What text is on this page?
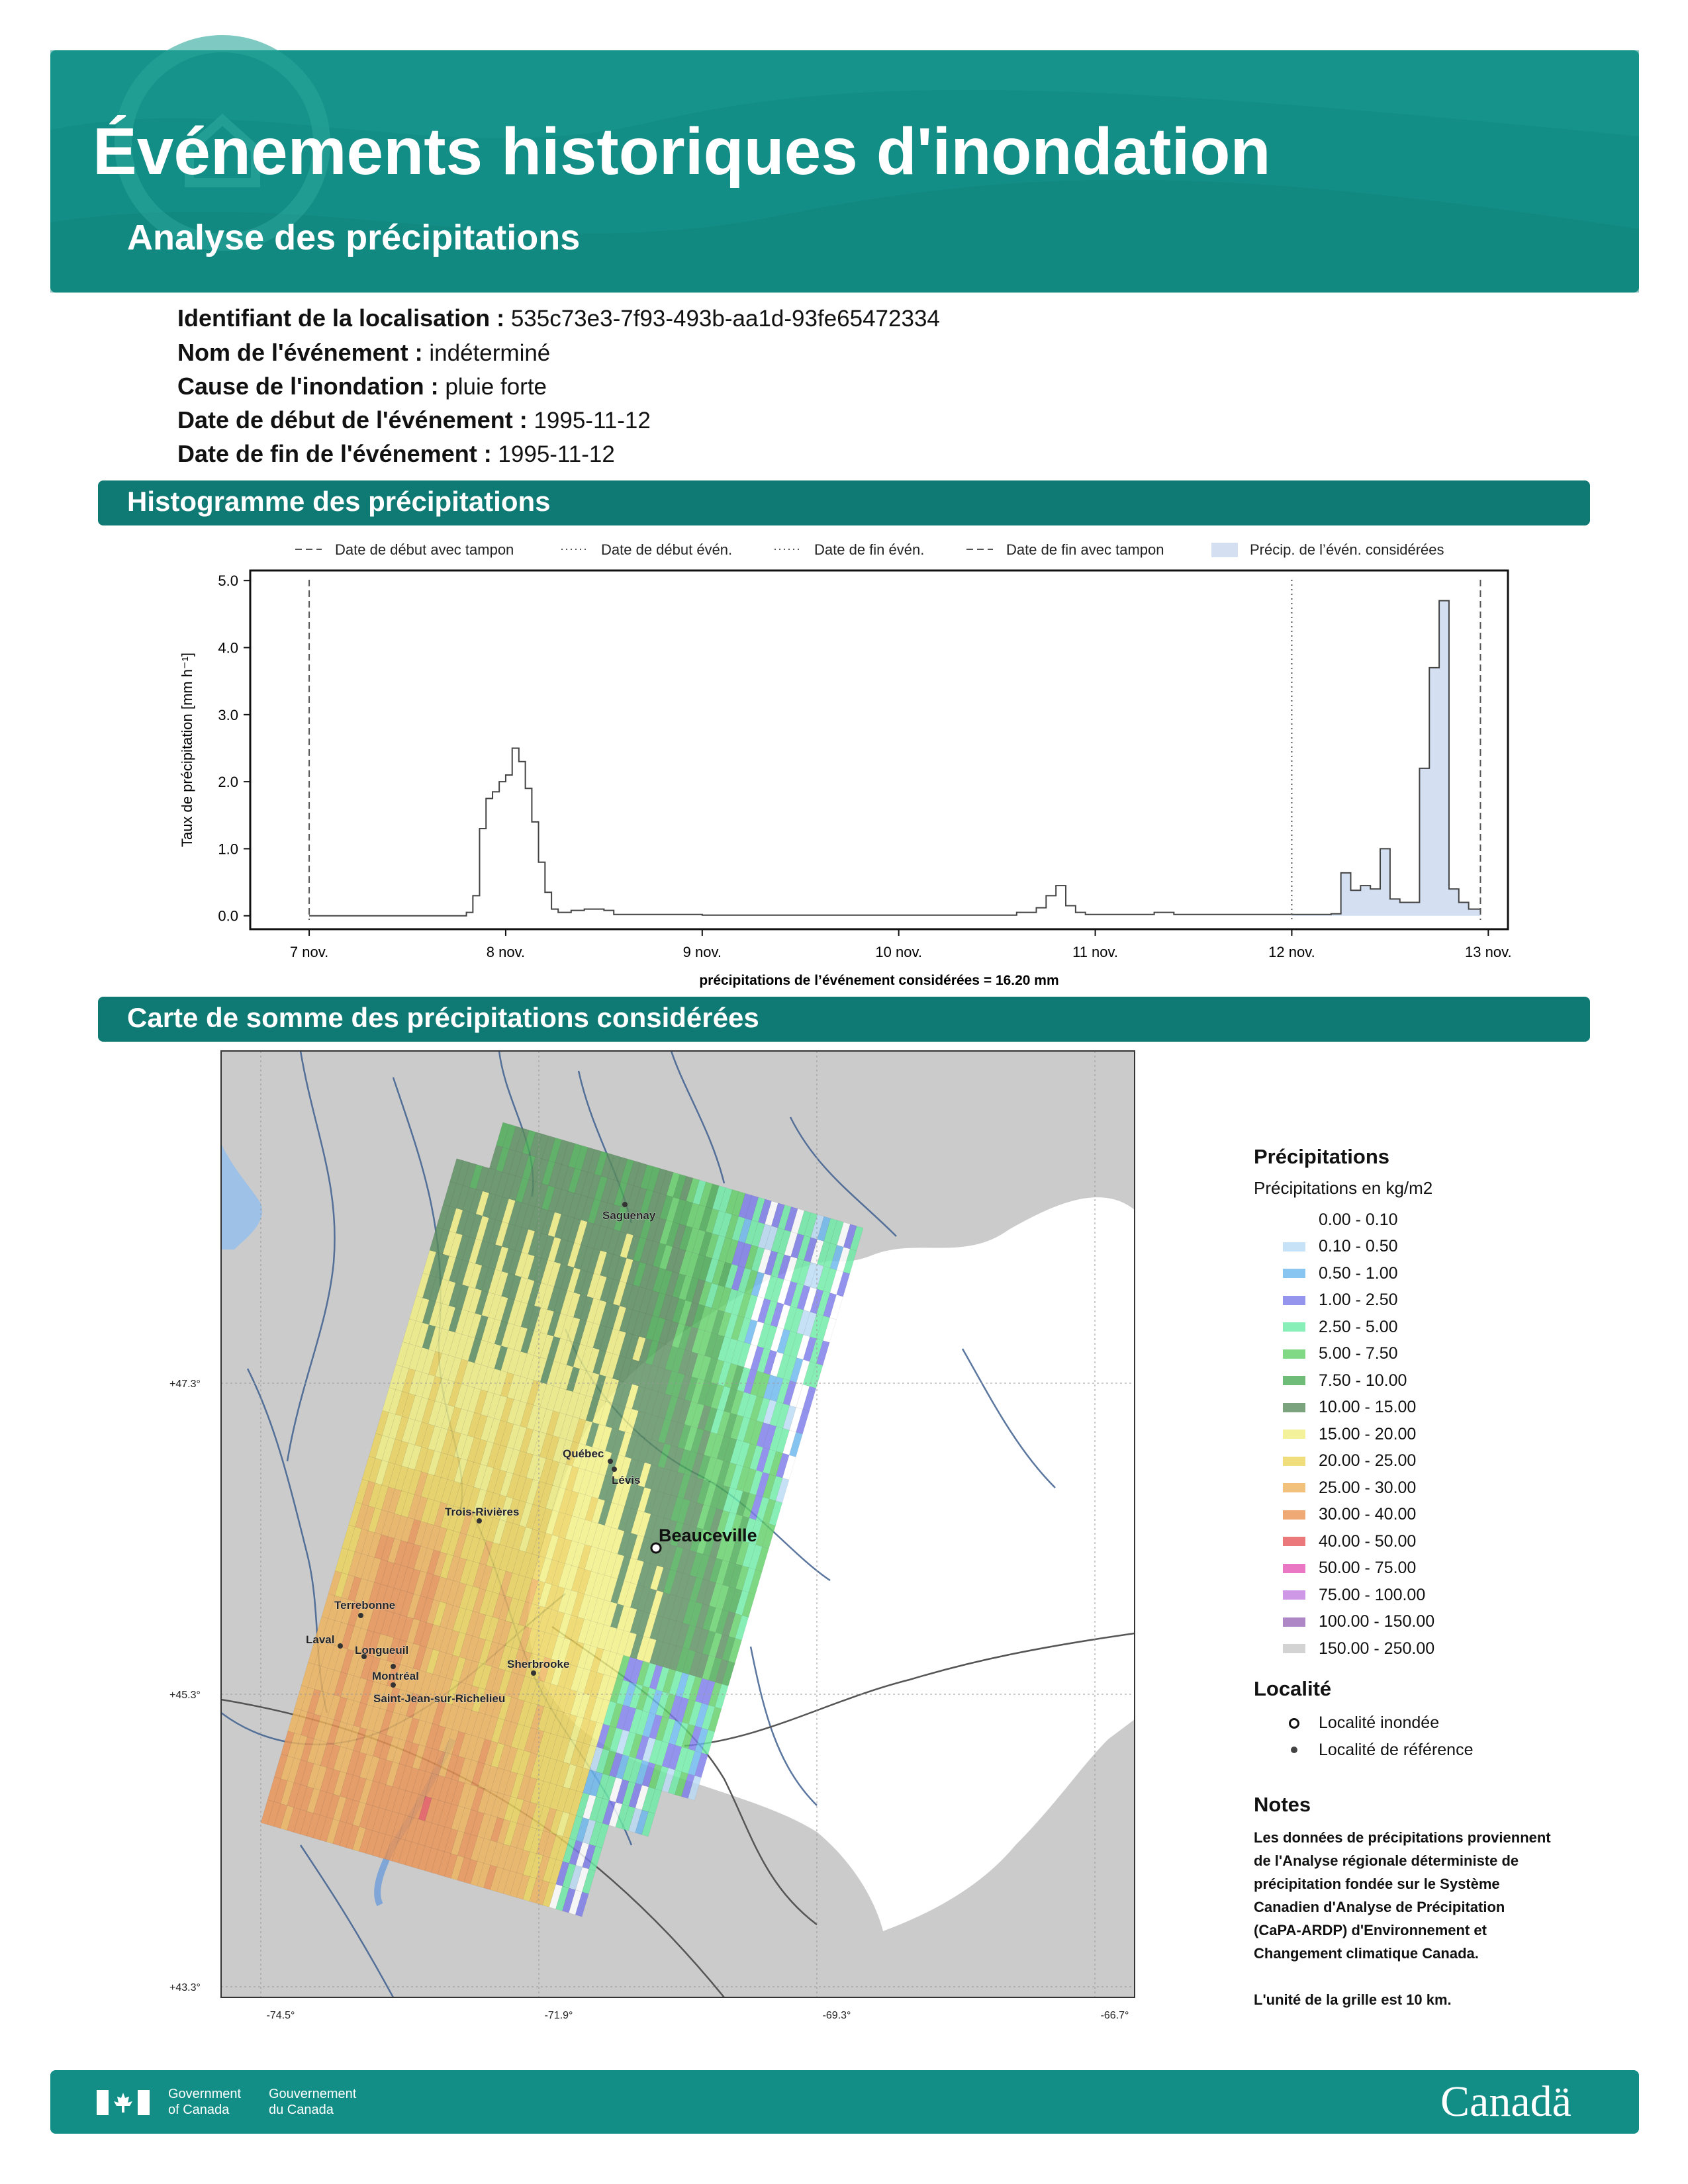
Événements historiques d'inondation
Analyse des précipitations
Identifiant de la localisation : 535c73e3-7f93-493b-aa1d-93fe65472334
Nom de l'événement : indéterminé
Cause de l'inondation : pluie forte
Date de début de l'événement : 1995-11-12
Date de fin de l'événement : 1995-11-12
Histogramme des précipitations
Date de début avec tampon	Date de début évén.	Date de fin évén.	Date de fin avec tampon	Précip. de l’évén. considérées
0.0
1.0
2.0
3.0
4.0
5.0
7 nov.	8 nov.	9 nov.	10 nov.	11 nov.	12 nov.	13 nov.
Taux de précipitation [mm h⁻¹]
précipitations de l’événement considérées = 16.20 mm
Carte de somme des précipitations considérées
Saguenay
Québec
Lévis
Trois-Rivières
Beauceville
Terrebonne
Laval
Longueuil
Montréal
Sherbrooke
Saint-Jean-sur-Richelieu
+47.3°
+45.3°
+43.3°
-74.5°	-71.9°	-69.3°	-66.7°
Précipitations
Précipitations en kg/m2
0.00 - 0.10
0.10 - 0.50
0.50 - 1.00
1.00 - 2.50
2.50 - 5.00
5.00 - 7.50
7.50 - 10.00
10.00 - 15.00
15.00 - 20.00
20.00 - 25.00
25.00 - 30.00
30.00 - 40.00
40.00 - 50.00
50.00 - 75.00
75.00 - 100.00
100.00 - 150.00
150.00 - 250.00
Localité
Localité inondée
Localité de référence
Notes
Les données de précipitations proviennent
de l'Analyse régionale déterministe de
précipitation fondée sur le Système
Canadien d'Analyse de Précipitation
(CaPA-ARDP) d'Environnement et
Changement climatique Canada.

L'unité de la grille est 10 km.
Government
of Canada
Gouvernement
du Canada	Canadä
